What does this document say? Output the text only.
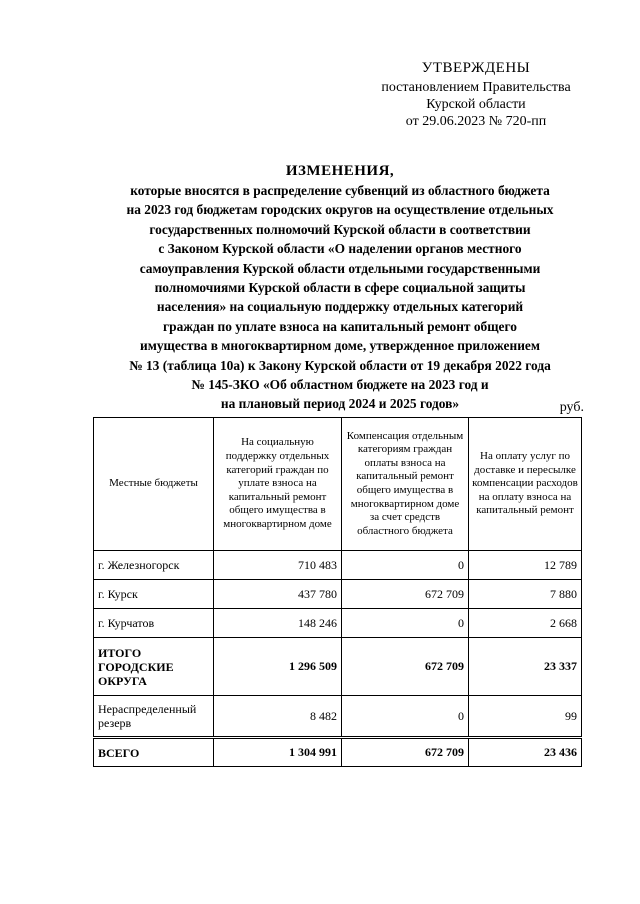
УТВЕРЖДЕНЫ
постановлением Правительства
Курской области
от 29.06.2023 № 720-пп
ИЗМЕНЕНИЯ,
которые вносятся в распределение субвенций из областного бюджета
на 2023 год бюджетам городских округов на осуществление отдельных
государственных полномочий Курской области в соответствии
с Законом Курской области «О наделении органов местного
самоуправления Курской области отдельными государственными
полномочиями Курской области в сфере социальной защиты
населения» на социальную поддержку отдельных категорий
граждан по уплате взноса на капитальный ремонт общего
имущества в многоквартирном доме, утвержденное приложением
№ 13 (таблица 10а) к Закону Курской области от 19 декабря 2022 года
№ 145-ЗКО «Об областном бюджете на 2023 год и
на плановый период 2024 и 2025 годов»	руб.
Местные бюджеты	На социальную поддержку отдельных категорий граждан по уплате взноса на капитальный ремонт общего имущества в многоквартирном доме	Компенсация отдельным категориям граждан оплаты взноса на капитальный ремонт общего имущества в многоквартирном доме за счет средств областного бюджета	На оплату услуг по доставке и пересылке компенсации расходов на оплату взноса на капитальный ремонт
г. Железногорск	710 483	0	12 789
г. Курск	437 780	672 709	7 880
г. Курчатов	148 246	0	2 668
ИТОГО ГОРОДСКИЕ ОКРУГА	1 296 509	672 709	23 337
Нераспределенный резерв	8 482	0	99
ВСЕГО	1 304 991	672 709	23 436
